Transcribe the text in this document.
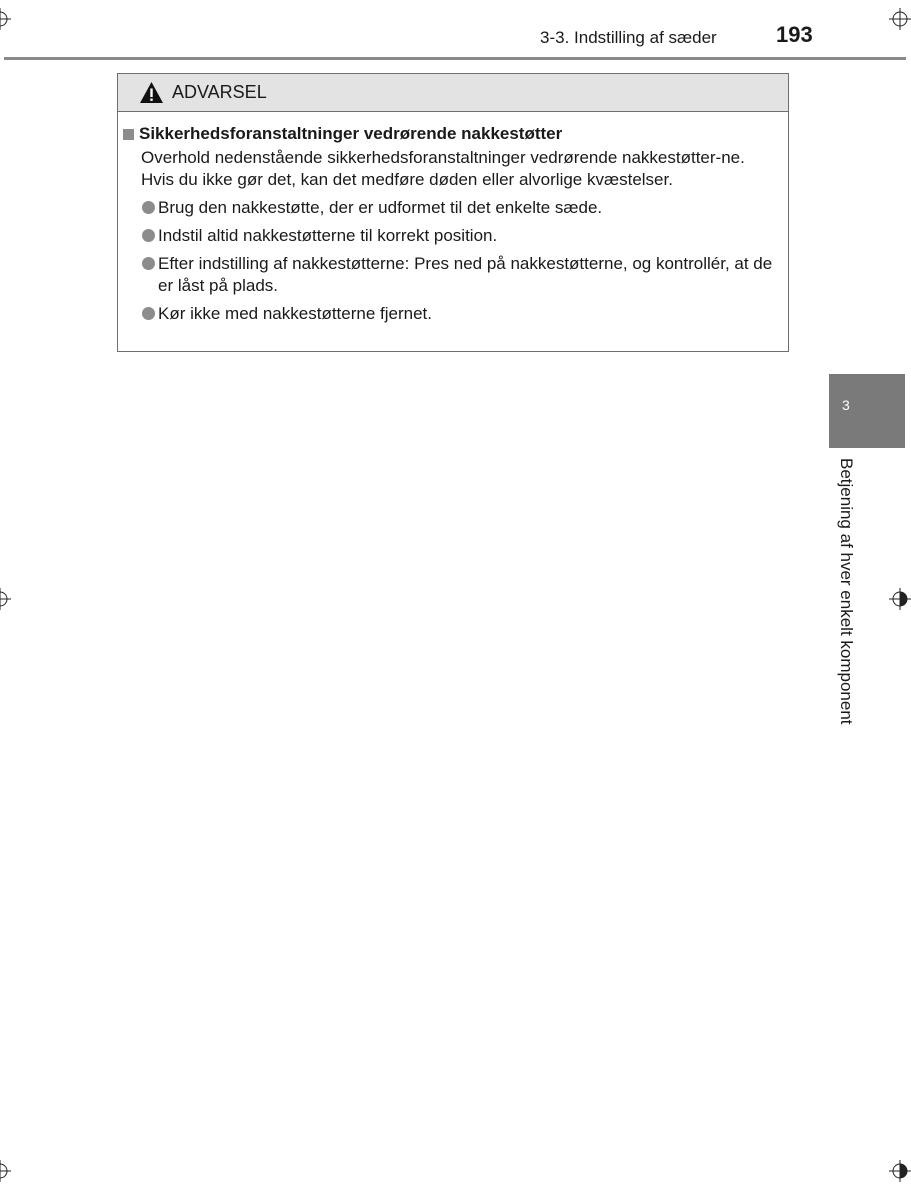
3-3. Indstilling af sæder	193
ADVARSEL
Sikkerhedsforanstaltninger vedrørende nakkestøtter
Overhold nedenstående sikkerhedsforanstaltninger vedrørende nakkestøtter-ne. Hvis du ikke gør det, kan det medføre døden eller alvorlige kvæstelser.
Brug den nakkestøtte, der er udformet til det enkelte sæde.
Indstil altid nakkestøtterne til korrekt position.
Efter indstilling af nakkestøtterne: Pres ned på nakkestøtterne, og kontrollér, at de er låst på plads.
Kør ikke med nakkestøtterne fjernet.
3
Betjening af hver enkelt komponent
